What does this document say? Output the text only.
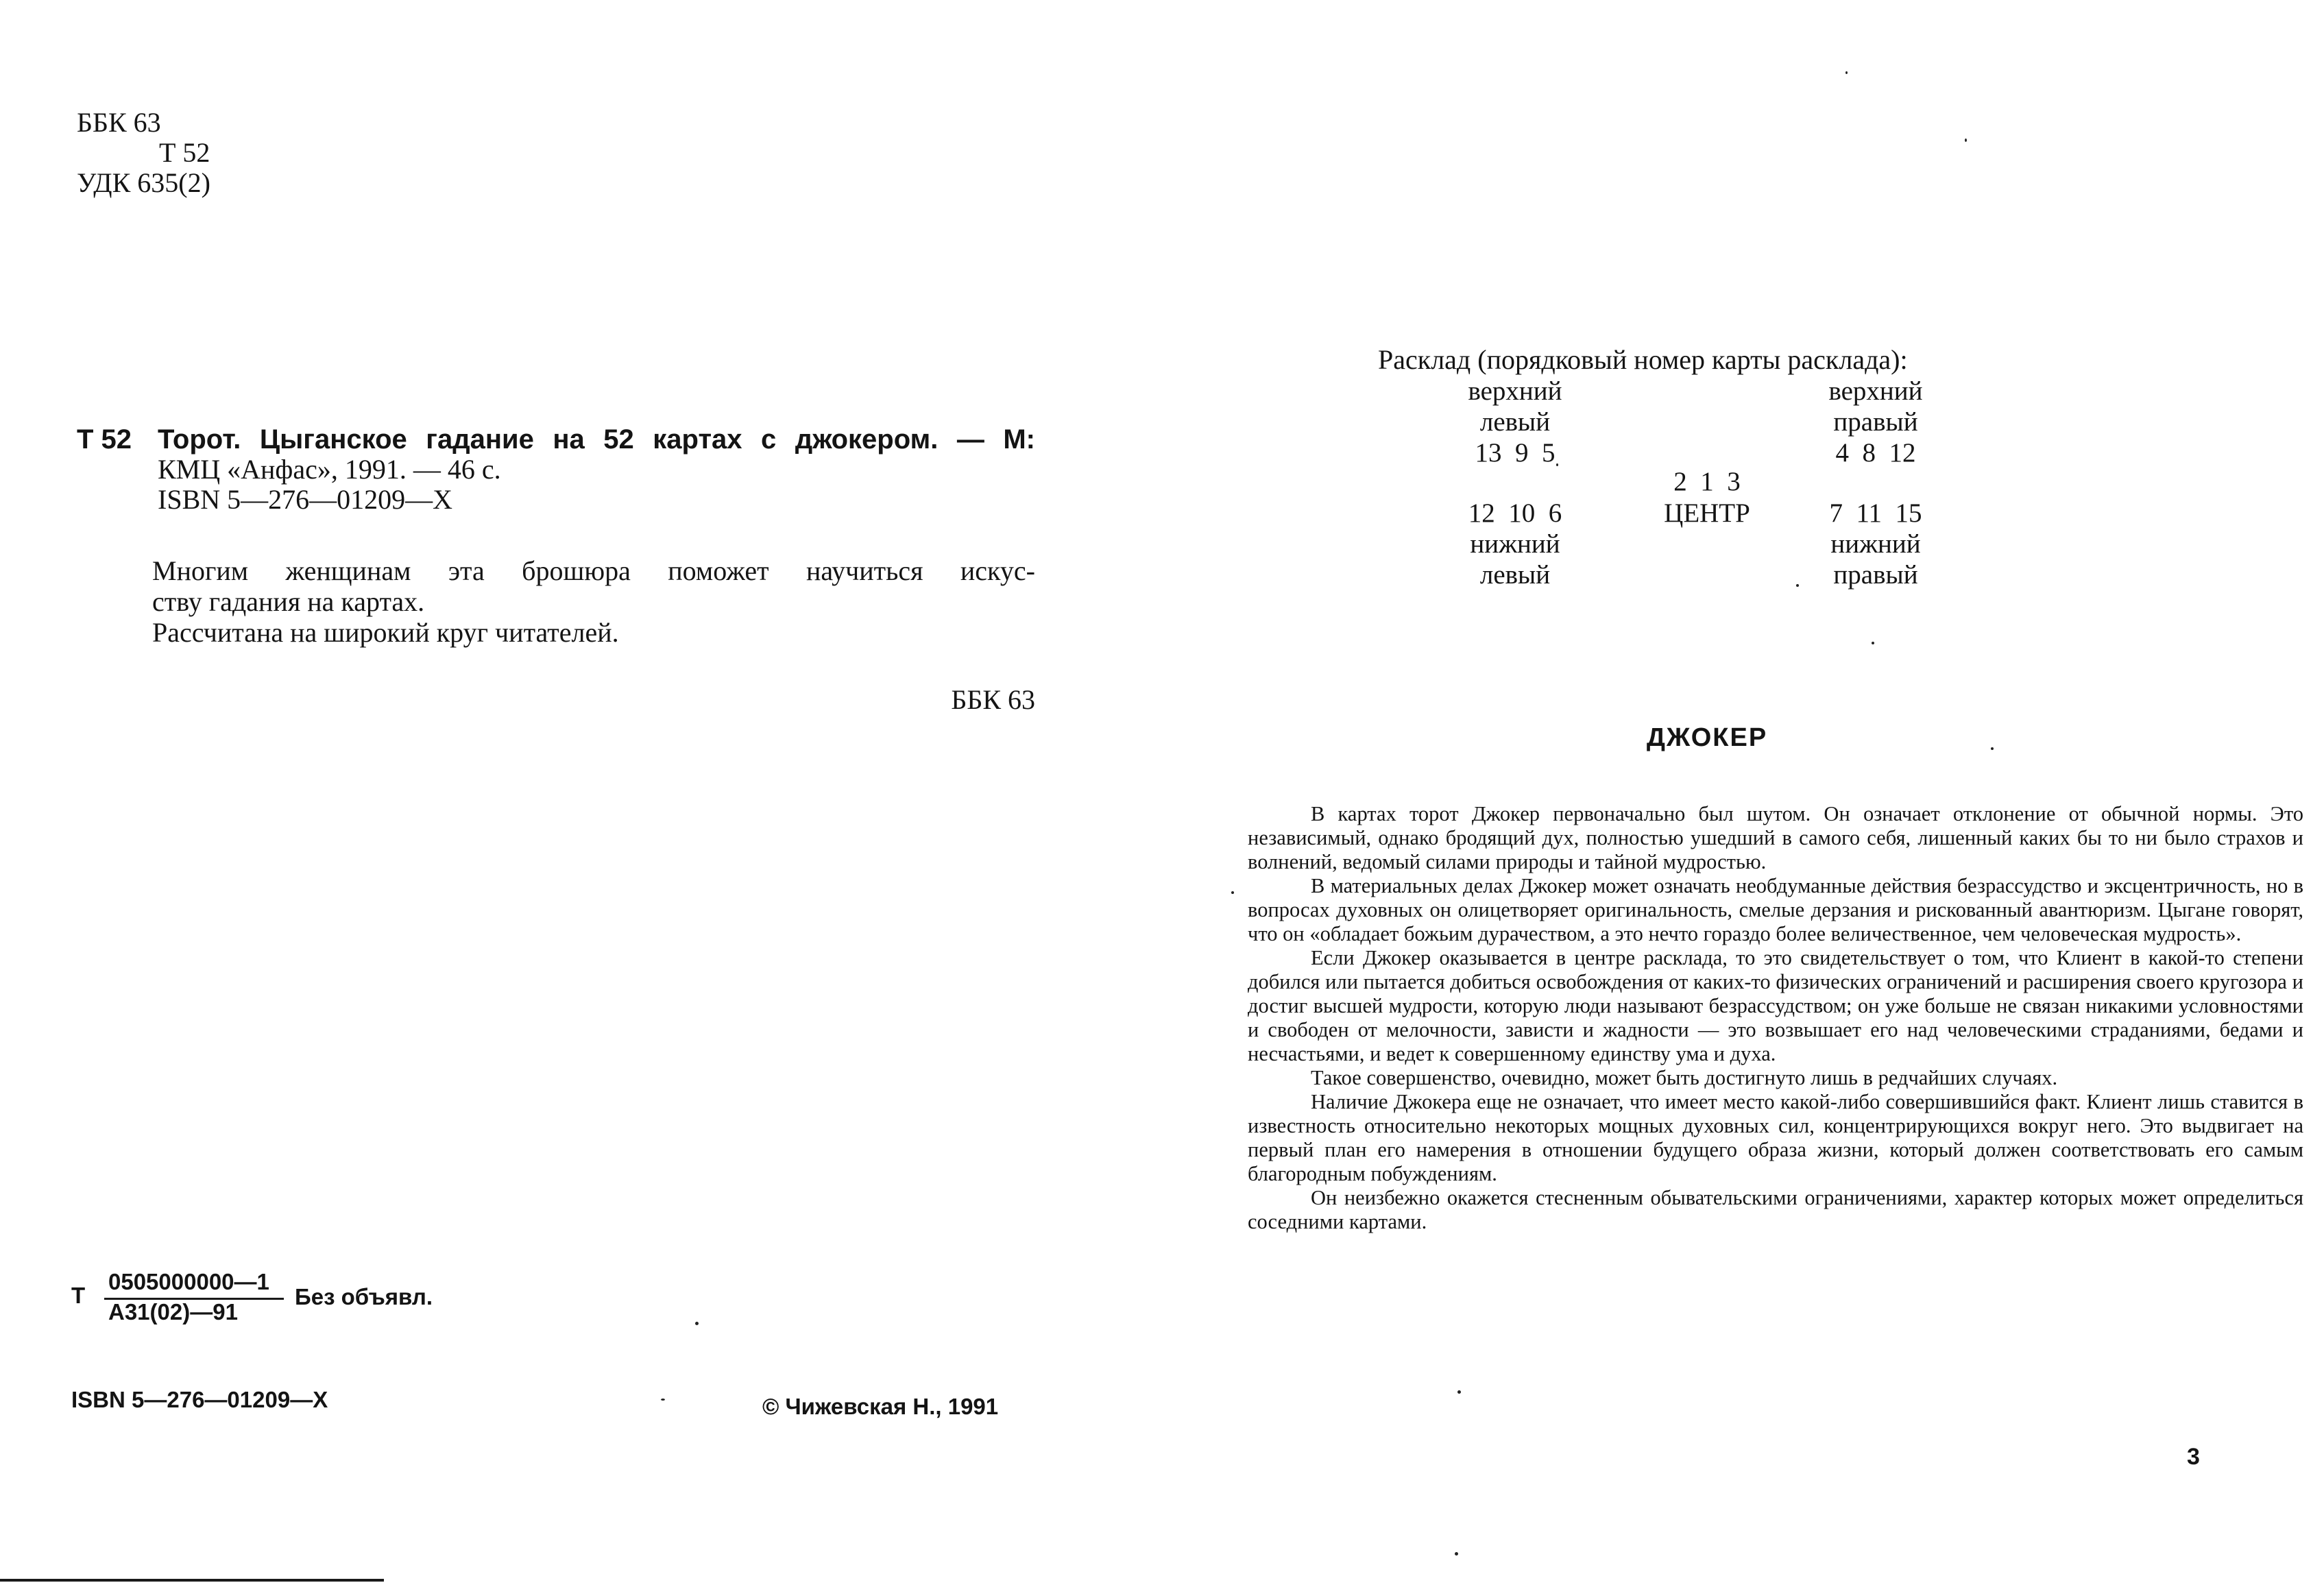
ББК 63
Т 52
УДК 635(2)
Т 52 Торот. Цыганское гадание на 52 картах с джокером. — М:
КМЦ «Анфас», 1991. — 46 с.
ISBN 5—276—01209—X
Многим женщинам эта брошюра поможет научиться искус-
ству гадания на картах.
Рассчитана на широкий круг читателей.
ББК 63
Т
0505000000—1
А31(02)—91
Без объявл.
ISBN 5—276—01209—X	© Чижевская Н., 1991
Расклад (порядковый номер карты расклада):
верхний
левый
13  9  5
верхний
правый
4  8  12
2  1  3
ЦЕНТР
12  10  6
нижний
левый
7  11  15
нижний
правый
ДЖОКЕР

В картах торот Джокер первоначально был шутом. Он означает отклонение от обычной нормы. Это независимый, однако бродящий дух, полностью ушедший в самого себя, лишенный каких бы то ни было страхов и волнений, ведомый силами природы и тайной мудростью.

В материальных делах Джокер может означать необдуманные действия безрассудство и эксцентричность, но в вопросах духовных он олицетворяет оригинальность, смелые дерзания и рискованный авантюризм. Цыгане говорят, что он «обладает божьим дурачеством, а это нечто гораздо более величественное, чем человеческая мудрость».

Если Джокер оказывается в центре расклада, то это свидетельствует о том, что Клиент в какой-то степени добился или пытается добиться освобождения от каких-то физических ограничений и расширения своего кругозора и достиг высшей мудрости, которую люди называют безрассудством; он уже больше не связан никакими условностями и свободен от мелочности, зависти и жадности — это возвышает его над человеческими страданиями, бедами и несчастьями, и ведет к совершенному единству ума и духа.

Такое совершенство, очевидно, может быть достигнуто лишь в редчайших случаях.

Наличие Джокера еще не означает, что имеет место какой-либо совершившийся факт. Клиент лишь ставится в известность относительно некоторых мощных духовных сил, концентрирующихся вокруг него. Это выдвигает на первый план его намерения в отношении будущего образа жизни, который должен соответствовать его самым благородным побуждениям.

Он неизбежно окажется стесненным обывательскими ограничениями, характер которых может определиться соседними картами.

3
